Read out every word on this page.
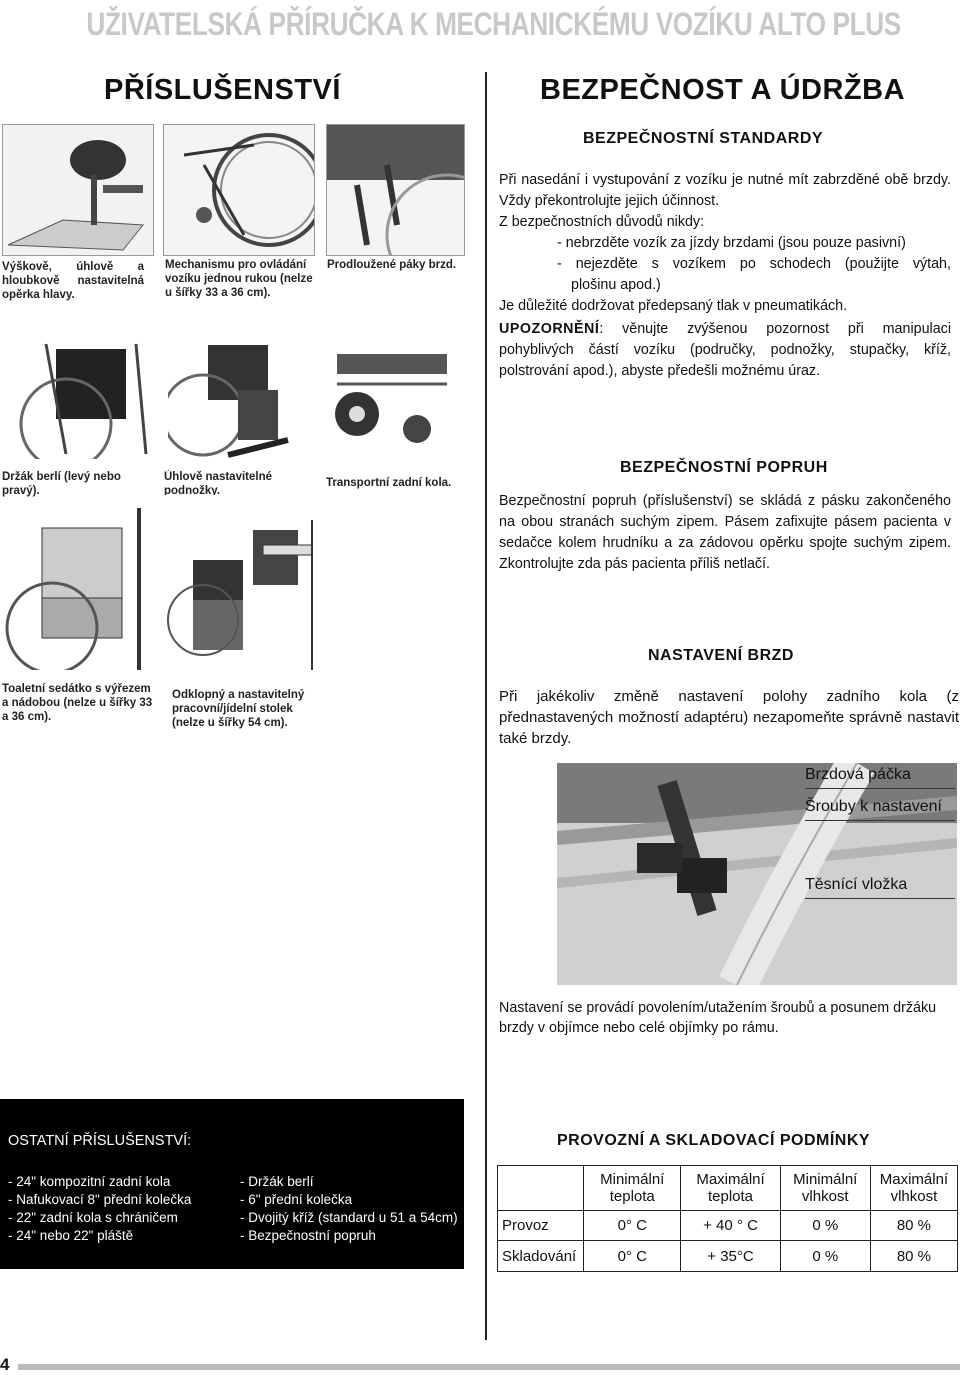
UŽIVATELSKÁ PŘÍRUČKA K MECHANICKÉMU VOZÍKU ALTO PLUS
PŘÍSLUŠENSTVÍ	BEZPEČNOST A ÚDRŽBA
Výškově, úhlově a hloubkově nastavitelná opěrka hlavy.
Mechanismu pro ovládání vozíku jednou rukou (nelze u šířky 33 a 36 cm).
Prodloužené páky brzd.
Držák berlí (levý nebo pravý).
Úhlově nastavitelné podnožky.
Transportní zadní kola.
Toaletní sedátko s výřezem a nádobou (nelze u šířky 33 a 36 cm).
Odklopný a nastavitelný pracovní/jídelní stolek (nelze u šířky 54 cm).
OSTATNÍ PŘÍSLUŠENSTVÍ:
- 24" kompozitní zadní kola
- Nafukovací 8" přední kolečka
- 22" zadní kola s chráničem
- 24" nebo 22" pláště
- Držák berlí
- 6" přední kolečka
- Dvojitý kříž (standard u 51 a 54cm)
- Bezpečnostní popruh
BEZPEČNOSTNÍ STANDARDY

Při nasedání i vystupování z vozíku je nutné mít zabrzděné obě brzdy. Vždy překontrolujte jejich účinnost.

Z bezpečnostních důvodů nikdy:

- nebrzděte vozík za jízdy brzdami (jsou pouze pasivní)

- nejezděte s vozíkem po schodech (použijte výtah,

plošinu apod.)

Je důležité dodržovat předepsaný tlak v pneumatikách.

UPOZORNĚNÍ: věnujte zvýšenou pozornost při manipulaci pohyblivých částí vozíku (područky, podnožky, stupačky, kříž, polstrování apod.), abyste předešli možnému úraz.

BEZPEČNOSTNÍ POPRUH
Bezpečnostní popruh (příslušenství) se skládá z pásku zakončeného na obou stranách suchým zipem. Pásem zafixujte pásem pacienta v sedačce kolem hrudníku a za zádovou opěrku spojte suchým zipem. Zkontrolujte zda pás pacienta příliš netlačí.
NASTAVENÍ BRZD
Při jakékoliv změně nastavení polohy zadního kola (z přednastavených možností adaptéru) nezapomeňte správně nastavit také brzdy.
Brzdová páčka
Šrouby k nastavení
Těsnící vložka
Nastavení se provádí povolením/utažením šroubů a posunem držáku brzdy v objímce nebo celé objímky po rámu.
PROVOZNÍ A SKLADOVACÍ PODMÍNKY
	Minimální teplota	Maximální teplota	Minimální vlhkost	Maximální vlhkost
Provoz	0° C	+ 40 ° C	0 %	80 %
Skladování	0° C	+ 35°C	0 %	80 %
4
